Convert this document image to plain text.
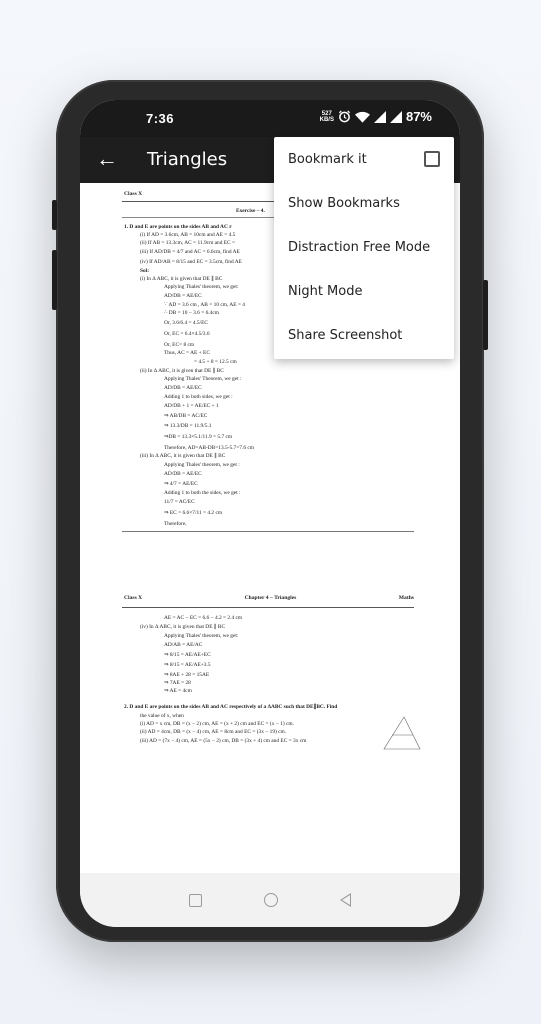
7:36	527
KB/S	87%
← Triangles
Class X
Exercise – 4.
1. D and E are points on the sides AB and AC r
(i) If AD = 3.6cm, AB = 10cm and AE = 4.5
(ii) If AB = 13.3cm, AC = 11.9cm and EC =
(iii) If AD/DB = 4/7 and AC = 6.6cm, find AE
(iv) If AD/AB = 8/15 and EC = 3.5cm, find AE
Sol:
(i) In Δ ABC, it is given that DE ∥ BC
Applying Thales' theorem, we get:
AD/DB = AE/EC
∵ AD = 3.6 cm , AB = 10 cm, AE = 4
∴ DB = 10 − 3.6 = 6.4cm
Or, 3.6/6.4 = 4.5/EC
Or, EC = 6.4×4.5/3.6
Or, EC= 8 cm
Thus, AC = AE + EC
= 4.5 + 8 = 12.5 cm
(ii) In Δ ABC, it is given that DE ∥ BC
Applying Thales' Theorem, we get :
AD/DB = AE/EC
Adding 1 to both sides, we get :
AD/DB + 1 = AE/EC + 1
⇒ AB/DB = AC/EC
⇒ 13.3/DB = 11.9/5.1
⇒DB = 13.3×5.1/11.9 = 5.7 cm
Therefore, AD=AB-DB=13.5-5.7=7.6 cm
(iii) In Δ ABC, it is given that DE ∥ BC
Applying Thales' theorem, we get :
AD/DB = AE/EC
⇒ 4/7 = AE/EC
Adding 1 to both the sides, we get :
11/7 = AC/EC
⇒ EC = 6.6×7/11 = 4.2 cm
Therefore,
Class X	Chapter 4 – Triangles	Maths
AE = AC − EC = 6.6 − 4.2 = 2.4 cm
(iv) In Δ ABC, it is given that DE ∥ BC
Applying Thales' theorem, we get:
AD/AB = AE/AC
⇒ 8/15 = AE/AE+EC
⇒ 8/15 = AE/AE+3.5
⇒ 8AE + 28 = 15AE
⇒ 7AE = 28
⇒ AE = 4cm
2. D and E are points on the sides AB and AC respectively of a ΔABC such that DE∥BC. Find
the value of x, when
(i) AD = x cm, DB = (x − 2) cm, AE = (x + 2) cm and EC = (x − 1) cm.
(ii) AD = 4cm, DB = (x − 4) cm, AE = 8cm and EC = (3x − 19) cm.
(iii) AD = (7x − 4) cm, AE = (5x − 2) cm, DB = (3x + 4) cm and EC = 3x cm
Bookmark it
Show Bookmarks
Distraction Free Mode
Night Mode
Share Screenshot
